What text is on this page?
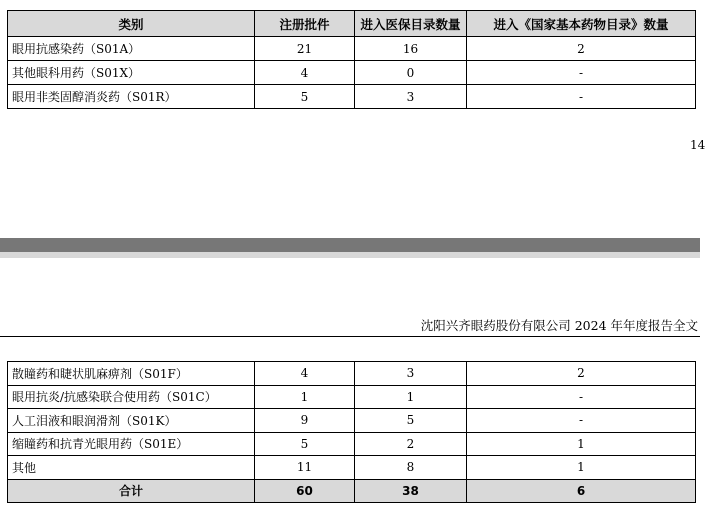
类别	注册批件	进入医保目录数量	进入《国家基本药物目录》数量
眼用抗感染药（S01A）	21	16	2
其他眼科用药（S01X）	4	0	-
眼用非类固醇消炎药（S01R）	5	3	-
14
沈阳兴齐眼药股份有限公司 2024 年年度报告全文
散瞳药和睫状肌麻痹剂（S01F）	4	3	2
眼用抗炎/抗感染联合使用药（S01C）	1	1	-
人工泪液和眼润滑剂（S01K）	9	5	-
缩瞳药和抗青光眼用药（S01E）	5	2	1
其他	11	8	1
合计	60	38	6
